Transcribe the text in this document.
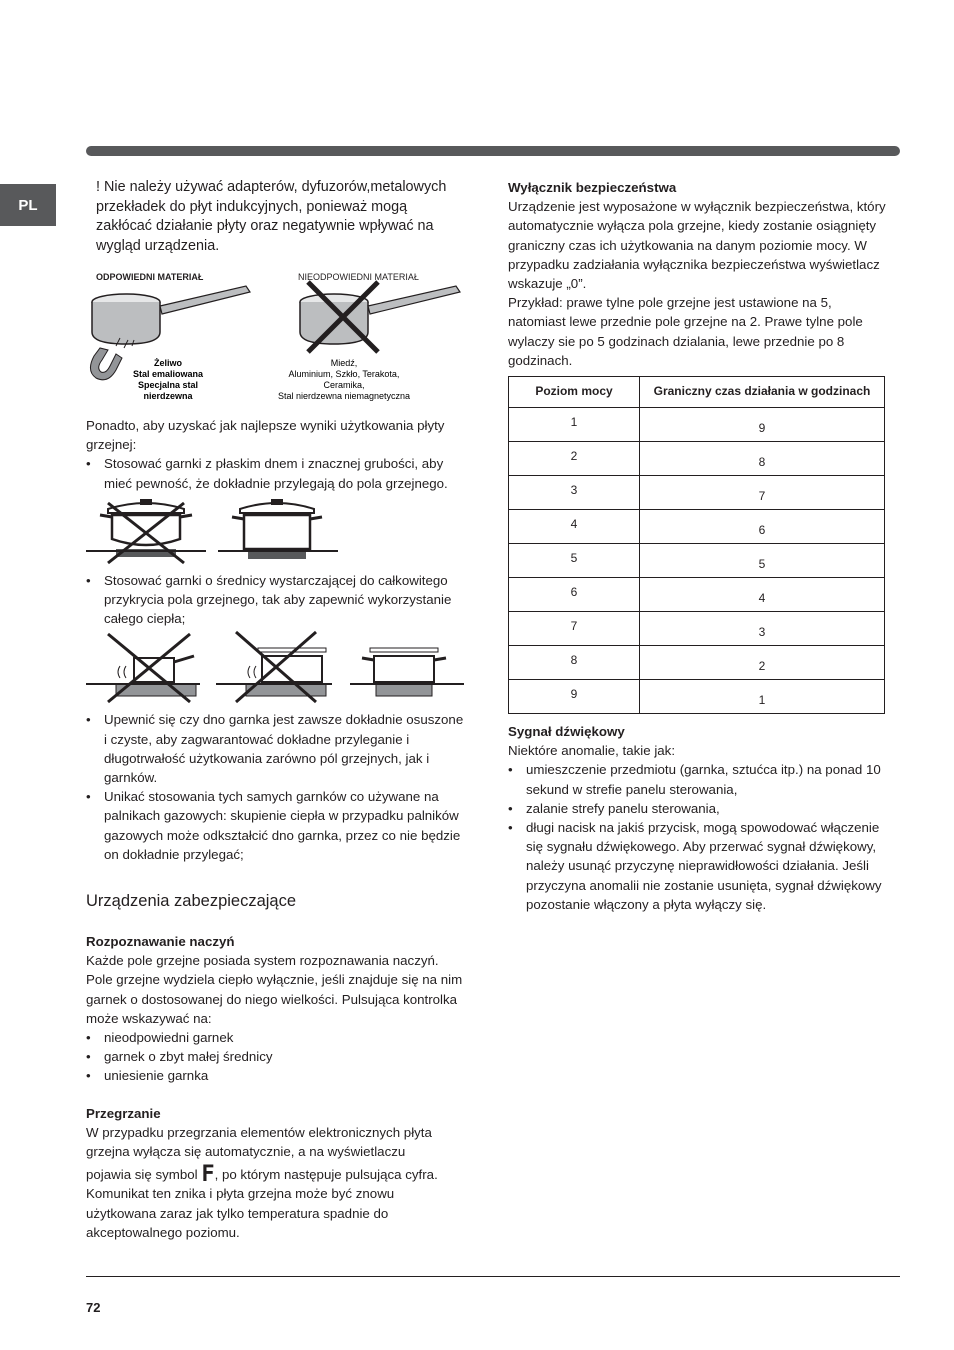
PL

! Nie należy używać adapterów, dyfuzorów,metalowych przekładek do płyt indukcyjnych, ponieważ mogą zakłócać działanie płyty oraz negatywnie wpływać na wygląd urządzenia.

ODPOWIEDNI MATERIAŁ	NIEODPOWIEDNI MATERIAŁ
Żeliwo
Stal emaliowana
Specjalna stal
nierdzewna
Miedź,
Aluminium, Szkło, Terakota,
Ceramika,
Stal nierdzewna niemagnetyczna

Ponadto, aby uzyskać jak najlepsze wyniki użytkowania płyty grzejnej:

• Stosować garnki z płaskim dnem i znacznej grubości, aby mieć pewność, że dokładnie przylegają do pola grzejnego.
• Stosować garnki o średnicy wystarczającej do całkowitego przykrycia pola grzejnego, tak aby zapewnić wykorzystanie całego ciepła;
• Upewnić się czy dno garnka jest zawsze dokładnie osuszone i czyste, aby zagwarantować dokładne przyleganie i długotrwałość użytkowania zarówno pól grzejnych, jak i garnków.
• Unikać stosowania tych samych garnków co używane na palnikach gazowych: skupienie ciepła w przypadku palników gazowych może odkształcić dno garnka, przez co nie będzie on dokładnie przylegać;
Urządzenia zabezpieczające

Rozpoznawanie naczyń

Każde pole grzejne posiada system rozpoznawania naczyń. Pole grzejne wydziela ciepło wyłącznie, jeśli znajduje się na nim garnek o dostosowanej do niego wielkości. Pulsująca kontrolka może wskazywać na:

• nieodpowiedni garnek
• garnek o zbyt małej średnicy
• uniesienie garnka

Przegrzanie

W przypadku przegrzania elementów elektronicznych płyta grzejna wyłącza się automatycznie, a na wyświetlaczu

pojawia się symbol F, po którym następuje pulsująca cyfra. Komunikat ten znika i płyta grzejna może być znowu użytkowana zaraz jak tylko temperatura spadnie do akceptowalnego poziomu.

Wyłącznik bezpieczeństwa

Urządzenie jest wyposażone w wyłącznik bezpieczeństwa, który automatycznie wyłącza pola grzejne, kiedy zostanie osiągnięty graniczny czas ich użytkowania na danym poziomie mocy. W przypadku zadziałania wyłącznika bezpieczeństwa wyświetlacz wskazuje „0”.

Przykład: prawe tylne pole grzejne jest ustawione na 5, natomiast lewe przednie pole grzejne na 2. Prawe tylne pole wylaczy sie po 5 godzinach dzialania, lewe przednie po 8 godzinach.

Poziom mocy	Graniczny czas działania w godzinach
1	9
2	8
3	7
4	6
5	5
6	4
7	3
8	2
9	1

Sygnał dźwiękowy

Niektóre anomalie, takie jak:

• umieszczenie przedmiotu (garnka, sztućca itp.) na ponad 10 sekund w strefie panelu sterowania,
• zalanie strefy panelu sterowania,
• długi nacisk na jakiś przycisk, mogą spowodować włączenie się sygnału dźwiękowego. Aby przerwać sygnał dźwiękowy, należy usunąć przyczynę nieprawidłowości działania. Jeśli przyczyna anomalii nie zostanie usunięta, sygnał dźwiękowy pozostanie włączony a płyta wyłączy się.
72
